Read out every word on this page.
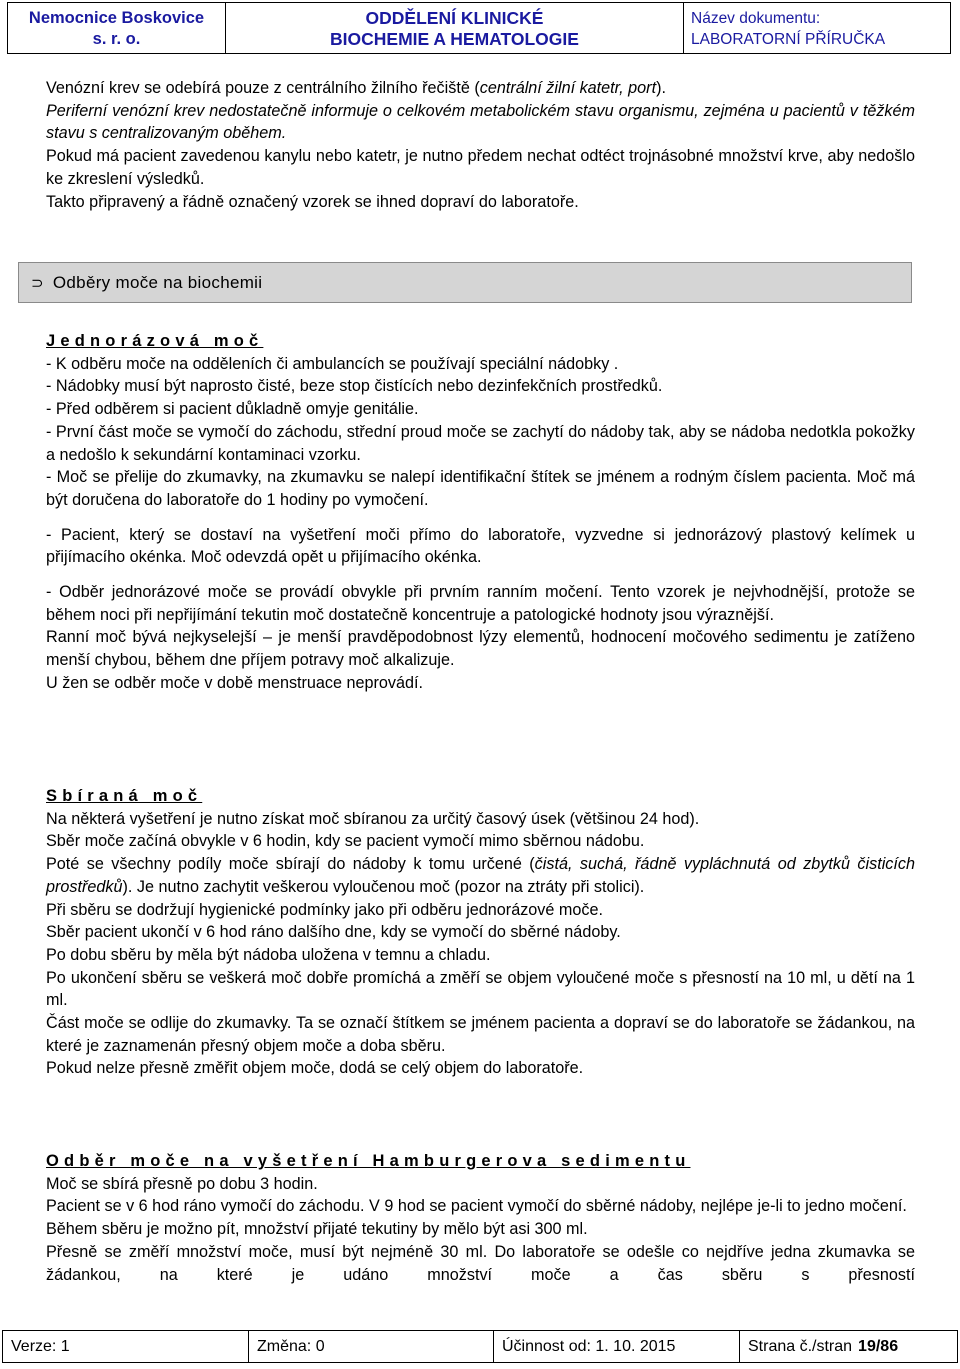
Nemocnice Boskovice
s. r. o.
ODDĚLENÍ KLINICKÉ
BIOCHEMIE A HEMATOLOGIE
Název dokumentu:
LABORATORNÍ PŘÍRUČKA

Venózní krev se odebírá pouze z centrálního žilního řečiště (centrální žilní katetr, port).

Periferní venózní krev nedostatečně informuje o celkovém metabolickém stavu organismu, zejména u pacientů v těžkém stavu s centralizovaným oběhem.

Pokud má pacient zavedenou kanylu nebo katetr, je nutno předem nechat odtéct trojnásobné množství krve, aby nedošlo ke zkreslení výsledků.

Takto připravený a řádně označený vzorek se ihned dopraví do laboratoře.

⊃ Odběry moče na biochemii
Jednorázová moč

- K odběru moče na odděleních či ambulancích se používají speciální nádobky .

- Nádobky musí být naprosto čisté, beze stop čistících nebo dezinfekčních prostředků.

- Před odběrem si pacient důkladně omyje genitálie.

- První část moče se vymočí do záchodu, střední proud moče se zachytí do nádoby tak, aby se nádoba nedotkla pokožky a nedošlo k sekundární kontaminaci vzorku.

- Moč se přelije do zkumavky, na zkumavku se nalepí identifikační štítek se jménem a rodným číslem pacienta. Moč má být doručena do laboratoře do 1 hodiny po vymočení.

- Pacient, který se dostaví na vyšetření moči přímo do laboratoře, vyzvedne si jednorázový plastový kelímek u přijímacího okénka. Moč odevzdá opět u přijímacího okénka.

- Odběr jednorázové moče se provádí obvykle při prvním ranním močení. Tento vzorek je nejvhodnější, protože se během noci při nepřijímání tekutin moč dostatečně koncentruje a patologické hodnoty jsou výraznější.

Ranní moč bývá nejkyselejší – je menší pravděpodobnost lýzy elementů, hodnocení močového sedimentu je zatíženo menší chybou, během dne příjem potravy moč alkalizuje.

U žen se odběr moče v době menstruace neprovádí.

Sbíraná moč

Na některá vyšetření je nutno získat moč sbíranou za určitý časový úsek (většinou 24 hod).

Sběr moče začíná obvykle v 6 hodin, kdy se pacient vymočí mimo sběrnou nádobu.

Poté se všechny podíly moče sbírají do nádoby k tomu určené (čistá, suchá, řádně vypláchnutá od zbytků čisticích prostředků). Je nutno zachytit veškerou vyloučenou moč (pozor na ztráty při stolici).

Při sběru se dodržují hygienické podmínky jako při odběru jednorázové moče.

Sběr pacient ukončí v 6 hod ráno dalšího dne, kdy se vymočí do sběrné nádoby.

Po dobu sběru by měla být nádoba uložena v temnu a chladu.

Po ukončení sběru se veškerá moč dobře promíchá a změří se objem vyloučené moče s přesností na 10 ml, u dětí na 1 ml.

Část moče se odlije do zkumavky. Ta se označí štítkem se jménem pacienta a dopraví se do laboratoře se žádankou, na které je zaznamenán přesný objem moče a doba sběru.

Pokud nelze přesně změřit objem moče, dodá se celý objem do laboratoře.

Odběr moče na vyšetření Hamburgerova sedimentu

Moč se sbírá přesně po dobu 3 hodin.

Pacient se v 6 hod ráno vymočí do záchodu. V 9 hod se pacient vymočí do sběrné nádoby, nejlépe je-li to jedno močení.

Během sběru je možno pít, množství přijaté tekutiny by mělo být asi 300 ml.

Přesně se změří množství moče, musí být nejméně 30 ml. Do laboratoře se odešle co nejdříve jedna zkumavka se žádankou, na které je udáno množství moče a čas sběru s přesností

Verze: 1	Změna: 0	Účinnost od: 1. 10. 2015	Strana č./stran 19/86
